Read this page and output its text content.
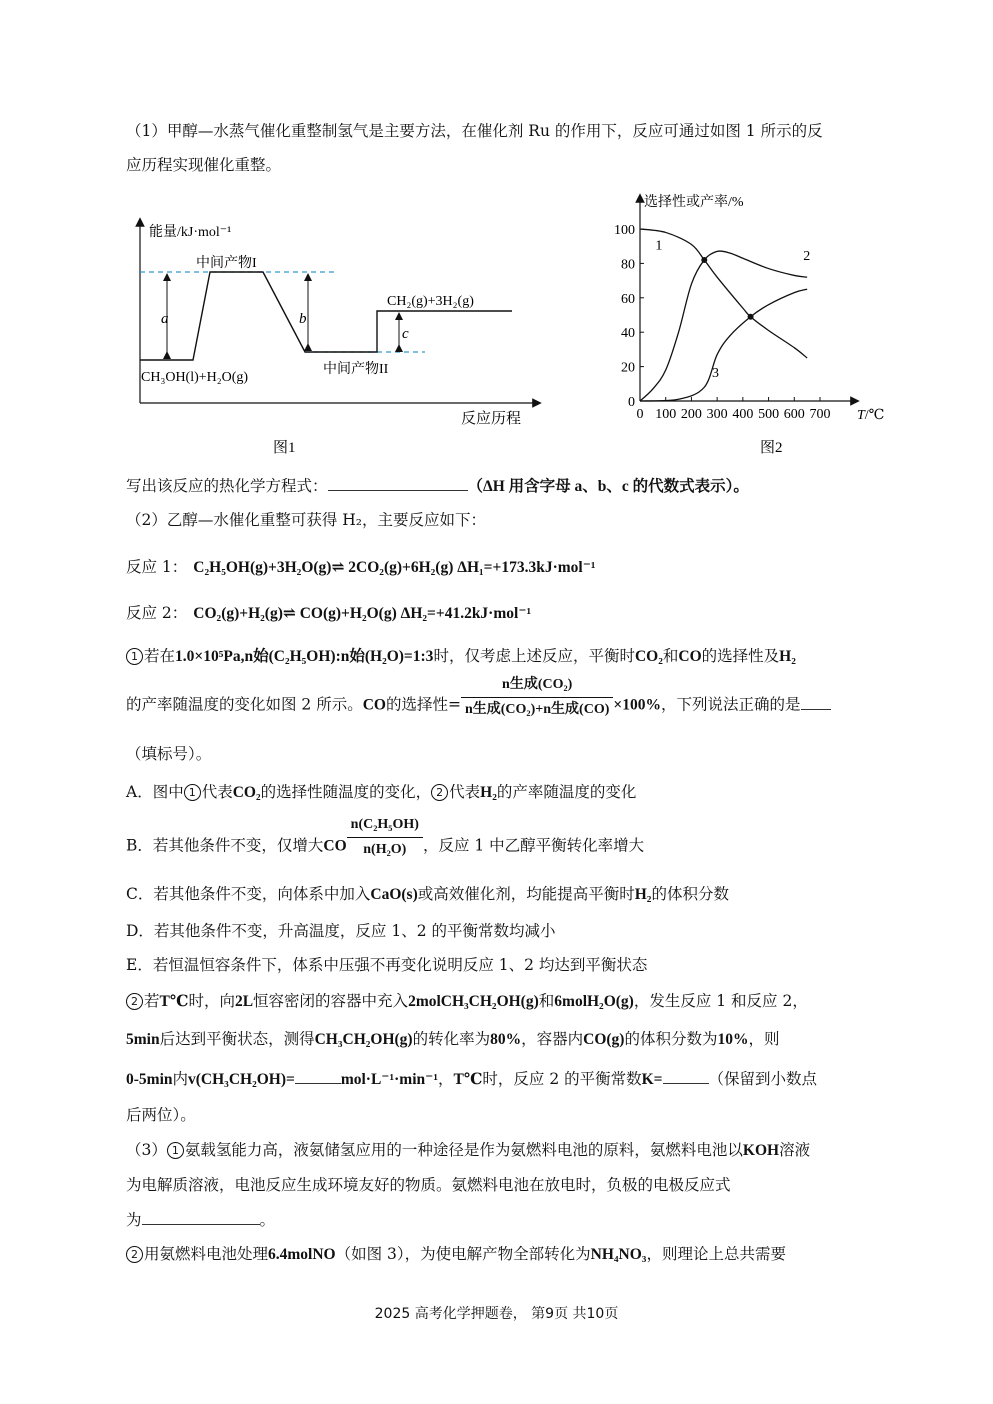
（1）甲醇—水蒸气催化重整制氢气是主要方法，在催化剂 Ru 的作用下，反应可通过如图 1 所示的反
应历程实现催化重整。
能量/kJ·mol⁻¹
反应历程
a	b
c
中间产物I
中间产物II
CH₂(g)+3H₂(g)
CH₃OH(l)+H₂O(g)
图1
选择性或产率/%
0
20
40
60
80
100
0 100 200 300 400 500 600 700
1
2
3
T/℃
图2
写出该反应的热化学方程式：	（ΔH 用含字母 a、b、c 的代数式表示）。
（2）乙醇—水催化重整可获得 H₂，主要反应如下：
反应 1： C₂H₅OH(g)+3H₂O(g)⇌ 2CO₂(g)+6H₂(g) ΔH₁=+173.3kJ·mol⁻¹
反应 2： CO₂(g)+H₂(g)⇌ CO(g)+H₂O(g) ΔH₂=+41.2kJ·mol⁻¹
1 若在1.0×10⁵Pa,n始(C₂H₅OH):n始(H₂O)=1:3时，仅考虑上述反应，平衡时CO₂和CO的选择性及H₂
的产率随温度的变化如图 2 所示。CO的选择性= $\frac{\text{n生成(CO₂)}}{\text{n生成(CO₂)+n生成(CO)}} \times 100\%$，下列说法正确的是
（填标号）。
A．图中 1 代表CO₂的选择性随温度的变化， 2 代表H₂的产率随温度的变化
B．若其他条件不变，仅增大CO $\frac{\text{n(C₂H₅OH)}}{\text{n(H₂O)}}$ ，反应 1 中乙醇平衡转化率增大
C．若其他条件不变，向体系中加入CaO(s)或高效催化剂，均能提高平衡时H₂的体积分数
D．若其他条件不变，升高温度，反应 1、2 的平衡常数均减小
E．若恒温恒容条件下，体系中压强不再变化说明反应 1、2 均达到平衡状态
2 若T℃时，向2L恒容密闭的容器中充入2molCH₃CH₂OH(g)和6molH₂O(g)，发生反应 1 和反应 2，
5min后达到平衡状态，测得CH₃CH₂OH(g)的转化率为80%，容器内CO(g)的体积分数为10%，则
0-5min内v(CH₃CH₂OH)=	mol·L⁻¹·min⁻¹，T℃时，反应 2 的平衡常数K=	（保留到小数点
后两位）。
（3） 1 氨载氢能力高，液氨储氢应用的一种途径是作为氨燃料电池的原料，氨燃料电池以KOH溶液
为电解质溶液，电池反应生成环境友好的物质。氨燃料电池在放电时，负极的电极反应式
为	。
2 用氨燃料电池处理6.4molNO（如图 3），为使电解产物全部转化为NH₄NO₃，则理论上总共需要
2025 高考化学押题卷， 第9页 共10页
